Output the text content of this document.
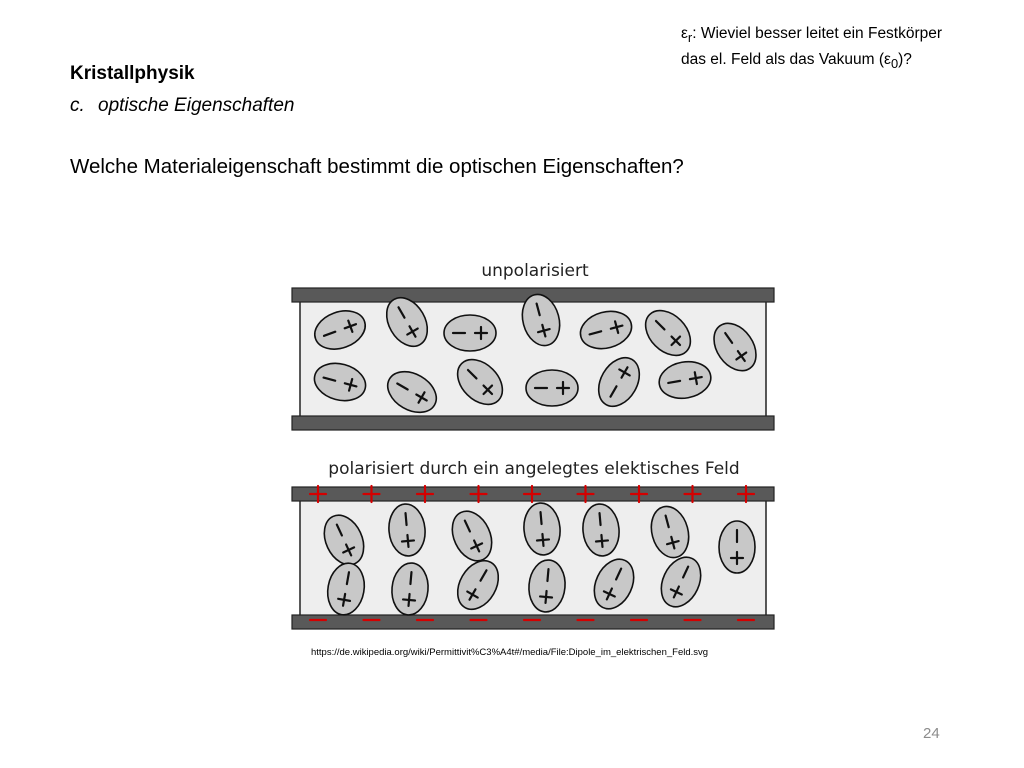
$\varepsilon_r$: Wieviel besser leitet ein Festkörper
das el. Feld als das Vakuum $(\varepsilon_0)$?
Kristallphysik
c. optische Eigenschaften
Welche Materialeigenschaft bestimmt die optischen Eigenschaften?
unpolarisiert
polarisiert durch ein angelegtes elektisches Feld
https://de.wikipedia.org/wiki/Permittivit%C3%A4t#/media/File:Dipole_im_elektrischen_Feld.svg
24
